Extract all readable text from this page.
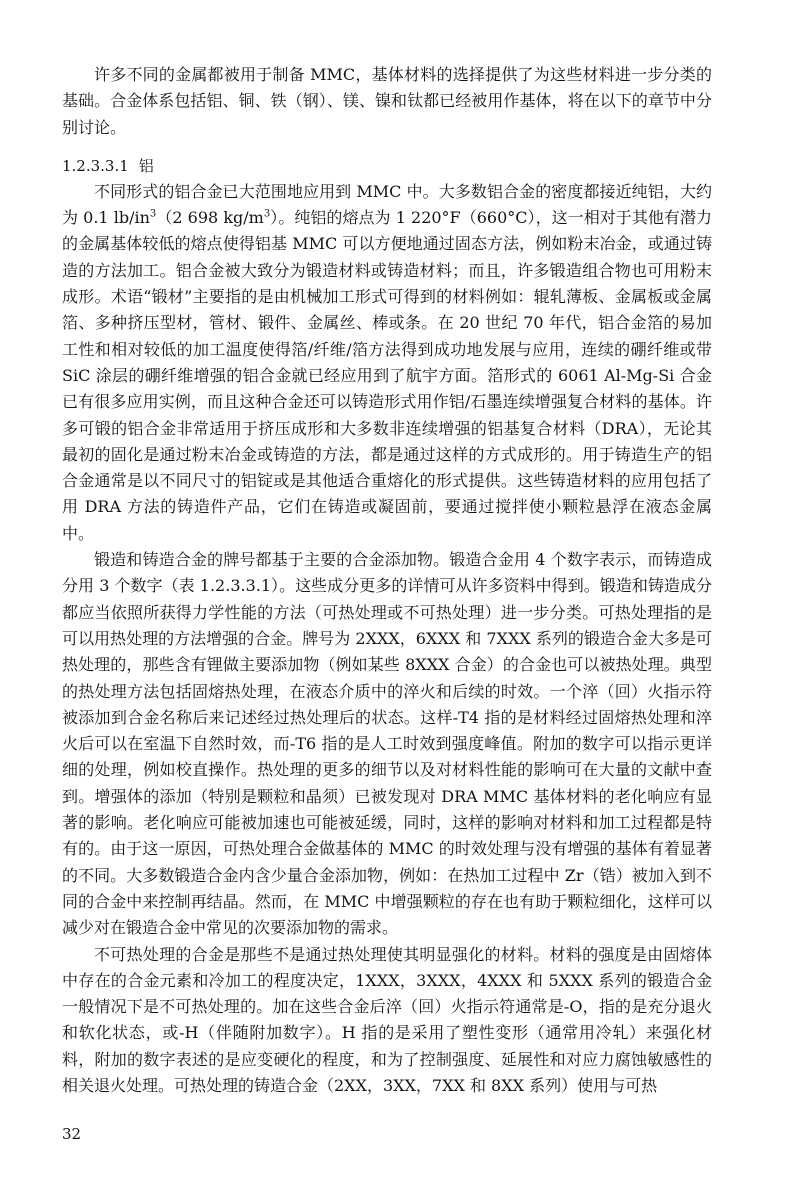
许多不同的金属都被用于制备 MMC，基体材料的选择提供了为这些材料进一步分类的基础。合金体系包括铝、铜、铁（钢）、镁、镍和钛都已经被用作基体，将在以下的章节中分别讨论。

1.2.3.3.1 铝

不同形式的铝合金已大范围地应用到 MMC 中。大多数铝合金的密度都接近纯铝，大约为 0.1 $lb/in^3(2$ 698 $kg/m^3$）。纯铝的熔点为 1 220°F（660°C），这一相对于其他有潜力的金属基体较低的熔点使得铝基 MMC 可以方便地通过固态方法，例如粉末冶金，或通过铸造的方法加工。铝合金被大致分为锻造材料或铸造材料；而且，许多锻造组合物也可用粉末成形。术语“锻材”主要指的是由机械加工形式可得到的材料例如：辊轧薄板、金属板或金属箔、多种挤压型材，管材、锻件、金属丝、棒或条。在 20 世纪 70 年代，铝合金箔的易加工性和相对较低的加工温度使得箔/纤维/箔方法得到成功地发展与应用，连续的硼纤维或带 SiC 涂层的硼纤维增强的铝合金就已经应用到了航宇方面。箔形式的 6061 Al-Mg-Si 合金已有很多应用实例，而且这种合金还可以铸造形式用作铝/石墨连续增强复合材料的基体。许多可锻的铝合金非常适用于挤压成形和大多数非连续增强的铝基复合材料（DRA），无论其最初的固化是通过粉末冶金或铸造的方法，都是通过这样的方式成形的。用于铸造生产的铝合金通常是以不同尺寸的铝锭或是其他适合重熔化的形式提供。这些铸造材料的应用包括了用 DRA 方法的铸造件产品，它们在铸造或凝固前，要通过搅拌使小颗粒悬浮在液态金属中。

锻造和铸造合金的牌号都基于主要的合金添加物。锻造合金用 4 个数字表示，而铸造成分用 3 个数字（表 1.2.3.3.1）。这些成分更多的详情可从许多资料中得到。锻造和铸造成分都应当依照所获得力学性能的方法（可热处理或不可热处理）进一步分类。可热处理指的是可以用热处理的方法增强的合金。牌号为 2XXX，6XXX 和 7XXX 系列的锻造合金大多是可热处理的，那些含有锂做主要添加物（例如某些 8XXX 合金）的合金也可以被热处理。典型的热处理方法包括固熔热处理，在液态介质中的淬火和后续的时效。一个淬（回）火指示符被添加到合金名称后来记述经过热处理后的状态。这样-T4 指的是材料经过固熔热处理和淬火后可以在室温下自然时效，而-T6 指的是人工时效到强度峰值。附加的数字可以指示更详细的处理，例如校直操作。热处理的更多的细节以及对材料性能的影响可在大量的文献中查到。增强体的添加（特别是颗粒和晶须）已被发现对 DRA MMC 基体材料的老化响应有显著的影响。老化响应可能被加速也可能被延缓，同时，这样的影响对材料和加工过程都是特有的。由于这一原因，可热处理合金做基体的 MMC 的时效处理与没有增强的基体有着显著的不同。大多数锻造合金内含少量合金添加物，例如：在热加工过程中 Zr（锆）被加入到不同的合金中来控制再结晶。然而，在 MMC 中增强颗粒的存在也有助于颗粒细化，这样可以减少对在锻造合金中常见的次要添加物的需求。

不可热处理的合金是那些不是通过热处理使其明显强化的材料。材料的强度是由固熔体中存在的合金元素和冷加工的程度决定，1XXX，3XXX，4XXX 和 5XXX 系列的锻造合金一般情况下是不可热处理的。加在这些合金后淬（回）火指示符通常是-O，指的是充分退火和软化状态，或-H（伴随附加数字）。H 指的是采用了塑性变形（通常用冷轧）来强化材料，附加的数字表述的是应变硬化的程度，和为了控制强度、延展性和对应力腐蚀敏感性的相关退火处理。可热处理的铸造合金（2XX，3XX，7XX 和 8XX 系列）使用与可热

32
